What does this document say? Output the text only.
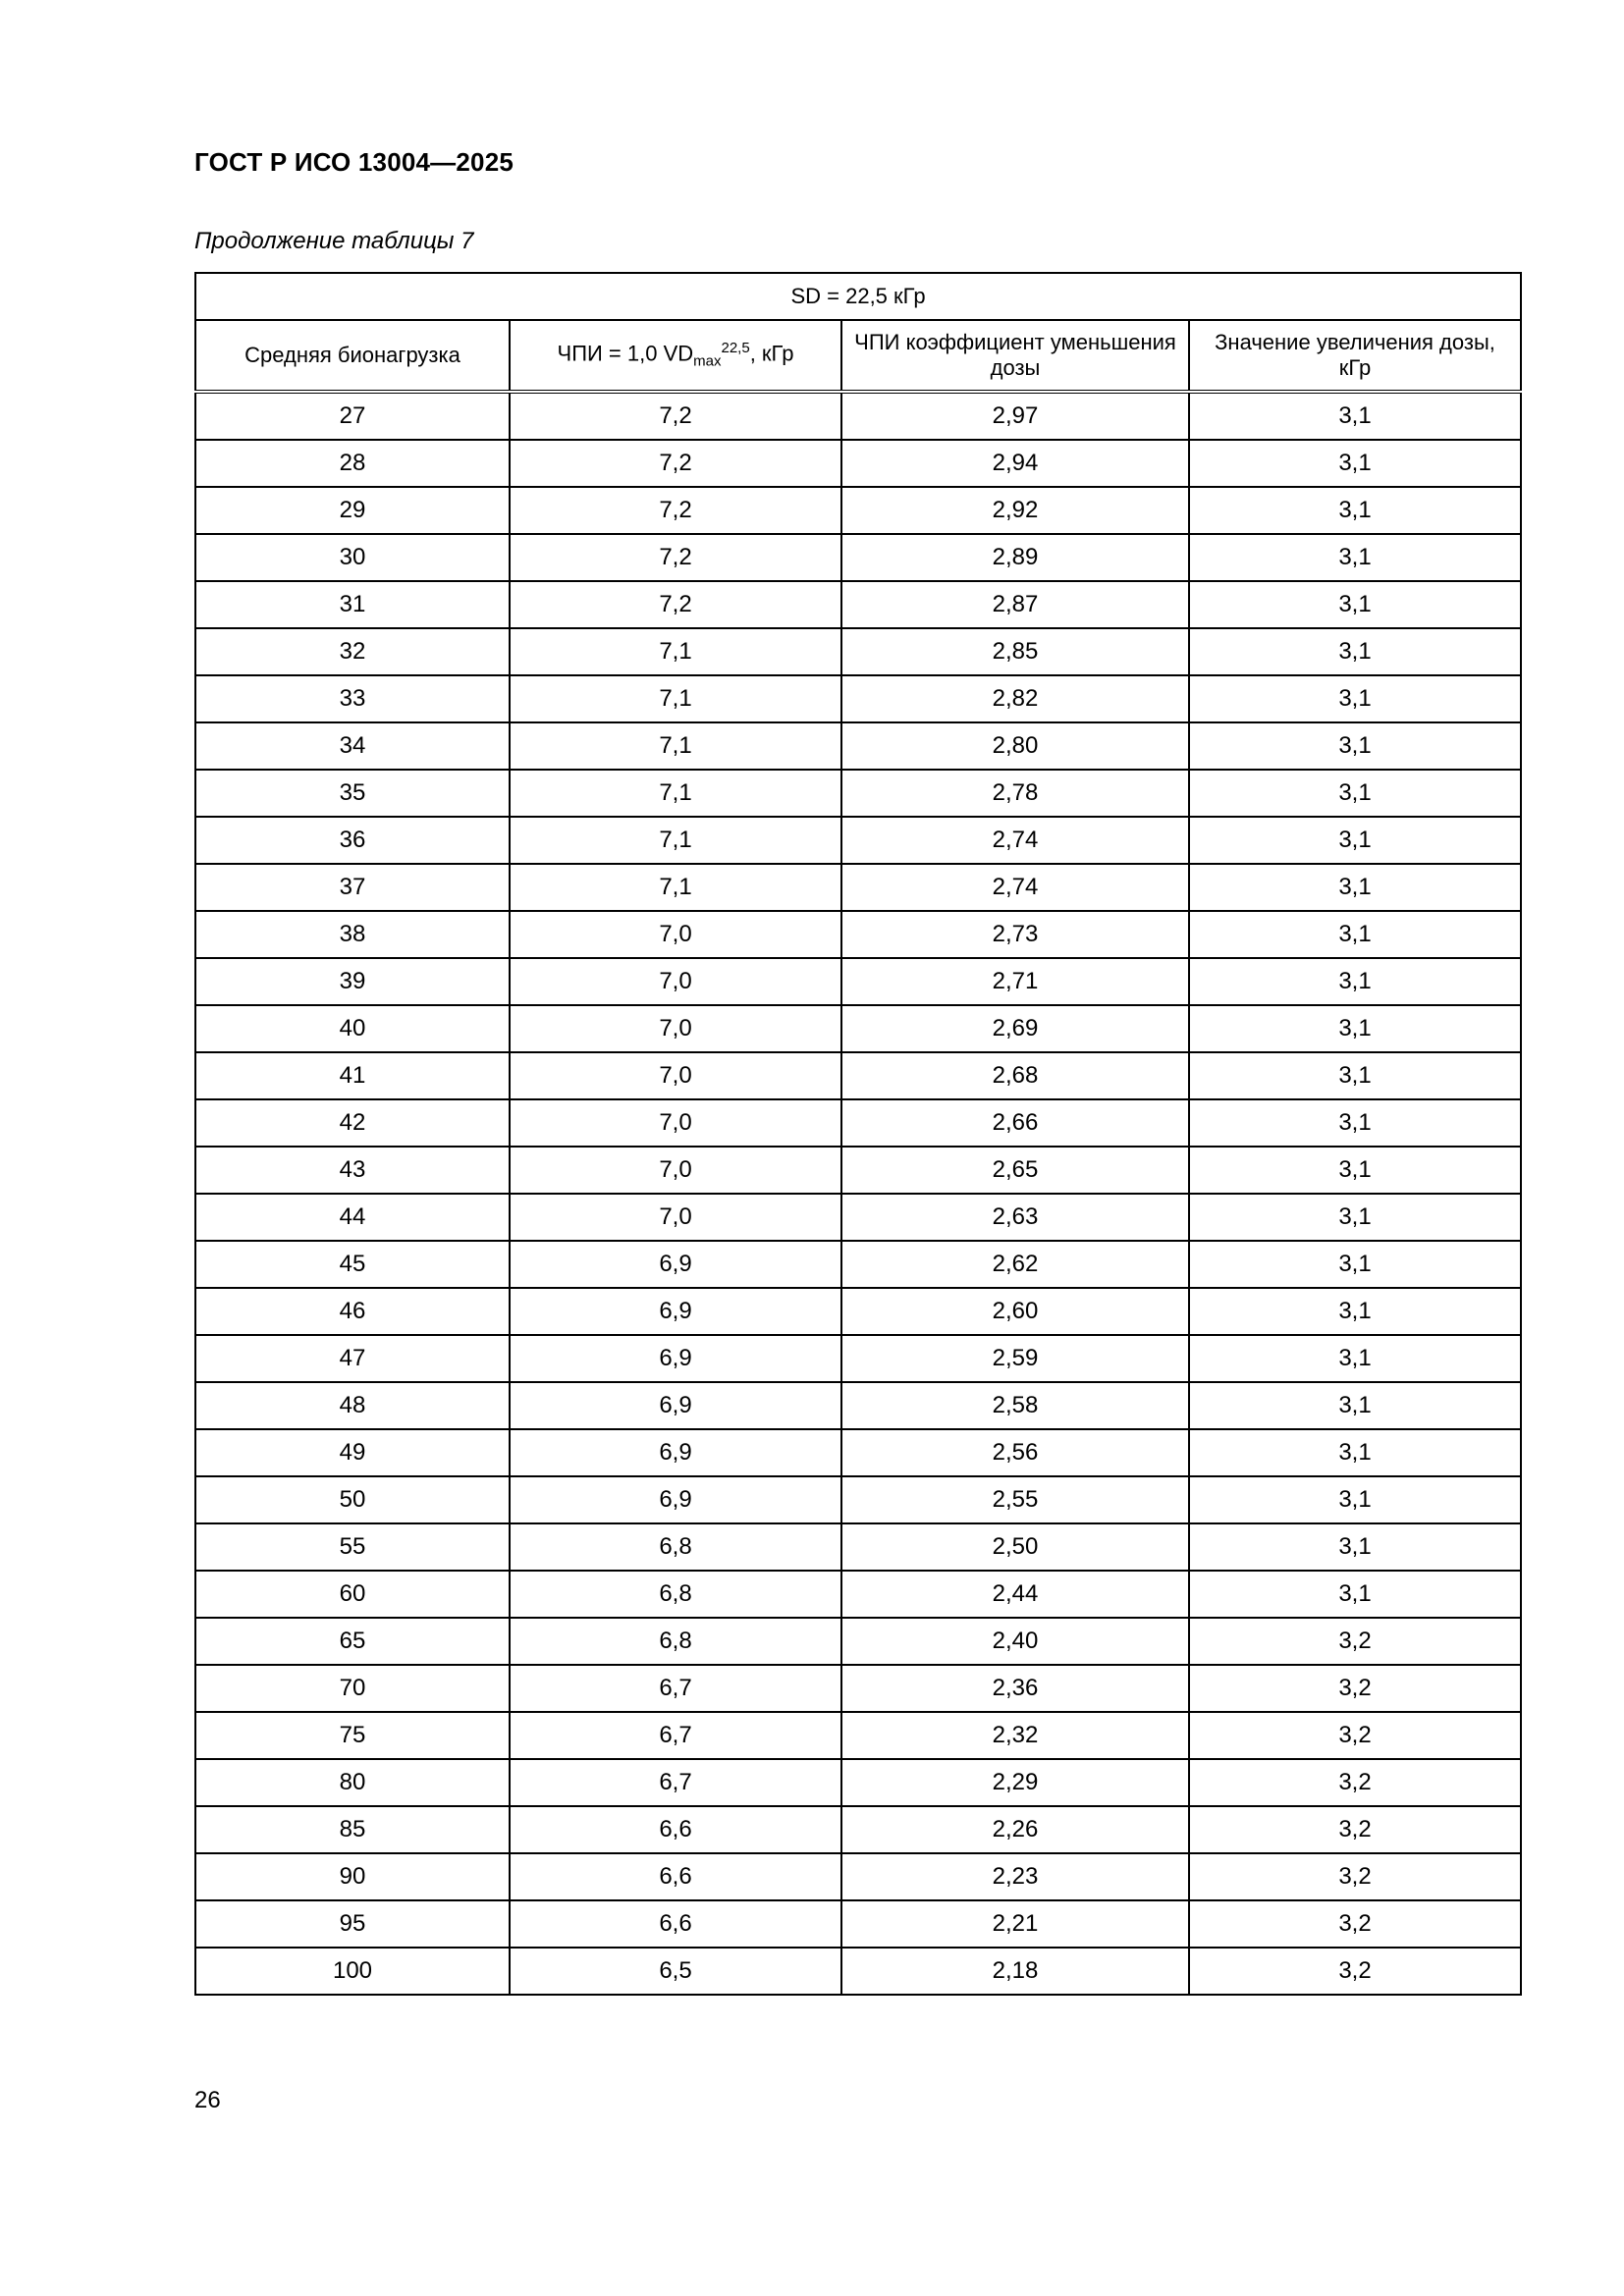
ГОСТ Р ИСО 13004—2025

Продолжение таблицы 7

SD = 22,5 кГр			
Средняя бионагрузка	ЧПИ = 1,0 $VD_{max}^{22,5}$, кГр	ЧПИ коэффициент уменьшения дозы	Значение увеличения дозы, кГр
27	7,2	2,97	3,1
28	7,2	2,94	3,1
29	7,2	2,92	3,1
30	7,2	2,89	3,1
31	7,2	2,87	3,1
32	7,1	2,85	3,1
33	7,1	2,82	3,1
34	7,1	2,80	3,1
35	7,1	2,78	3,1
36	7,1	2,74	3,1
37	7,1	2,74	3,1
38	7,0	2,73	3,1
39	7,0	2,71	3,1
40	7,0	2,69	3,1
41	7,0	2,68	3,1
42	7,0	2,66	3,1
43	7,0	2,65	3,1
44	7,0	2,63	3,1
45	6,9	2,62	3,1
46	6,9	2,60	3,1
47	6,9	2,59	3,1
48	6,9	2,58	3,1
49	6,9	2,56	3,1
50	6,9	2,55	3,1
55	6,8	2,50	3,1
60	6,8	2,44	3,1
65	6,8	2,40	3,2
70	6,7	2,36	3,2
75	6,7	2,32	3,2
80	6,7	2,29	3,2
85	6,6	2,26	3,2
90	6,6	2,23	3,2
95	6,6	2,21	3,2
100	6,5	2,18	3,2

26
